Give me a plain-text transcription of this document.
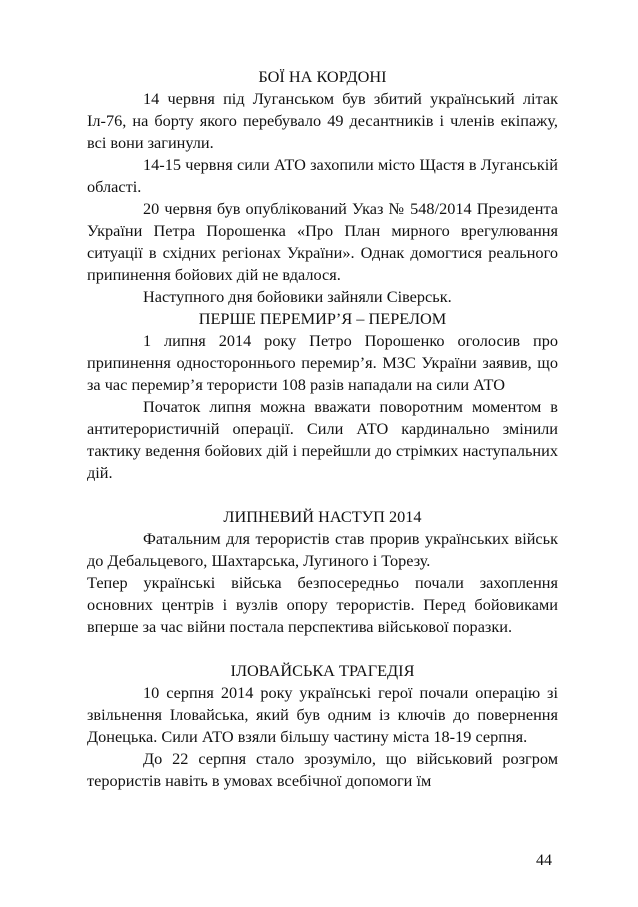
БОЇ НА КОРДОНІ

14 червня під Луганськом був збитий український літак Іл-76, на борту якого перебувало 49 десантників і членів екіпажу, всі вони загинули.

14-15 червня сили АТО захопили місто Щастя в Луганській області.

20 червня був опублікований Указ № 548/2014 Президента України Петра Порошенка «Про План мирного врегулювання ситуації в східних регіонах України». Однак домогтися реального припинення бойових дій не вдалося.

Наступного дня бойовики зайняли Сіверськ.

ПЕРШЕ ПЕРЕМИР’Я – ПЕРЕЛОМ

1 липня 2014 року Петро Порошенко оголосив про припинення одностороннього перемир’я. МЗС України заявив, що за час перемир’я терористи 108 разів нападали на сили АТО

Початок липня можна вважати поворотним моментом в антитерористичній операції. Сили АТО кардинально змінили тактику ведення бойових дій і перейшли до стрімких наступальних дій.

ЛИПНЕВИЙ НАСТУП 2014

Фатальним для терористів став прорив українських військ до Дебальцевого, Шахтарська, Лугиного і Торезу.

Тепер українські війська безпосередньо почали захоплення основних центрів і вузлів опору терористів. Перед бойовиками вперше за час війни постала перспектива військової поразки.

ІЛОВАЙСЬКА ТРАГЕДІЯ

10 серпня 2014 року українські герої почали операцію зі звільнення Іловайська, який був одним із ключів до повернення Донецька. Сили АТО взяли більшу частину міста 18-19 серпня.

До 22 серпня стало зрозуміло, що військовий розгром терористів навіть в умовах всебічної допомоги їм

44
